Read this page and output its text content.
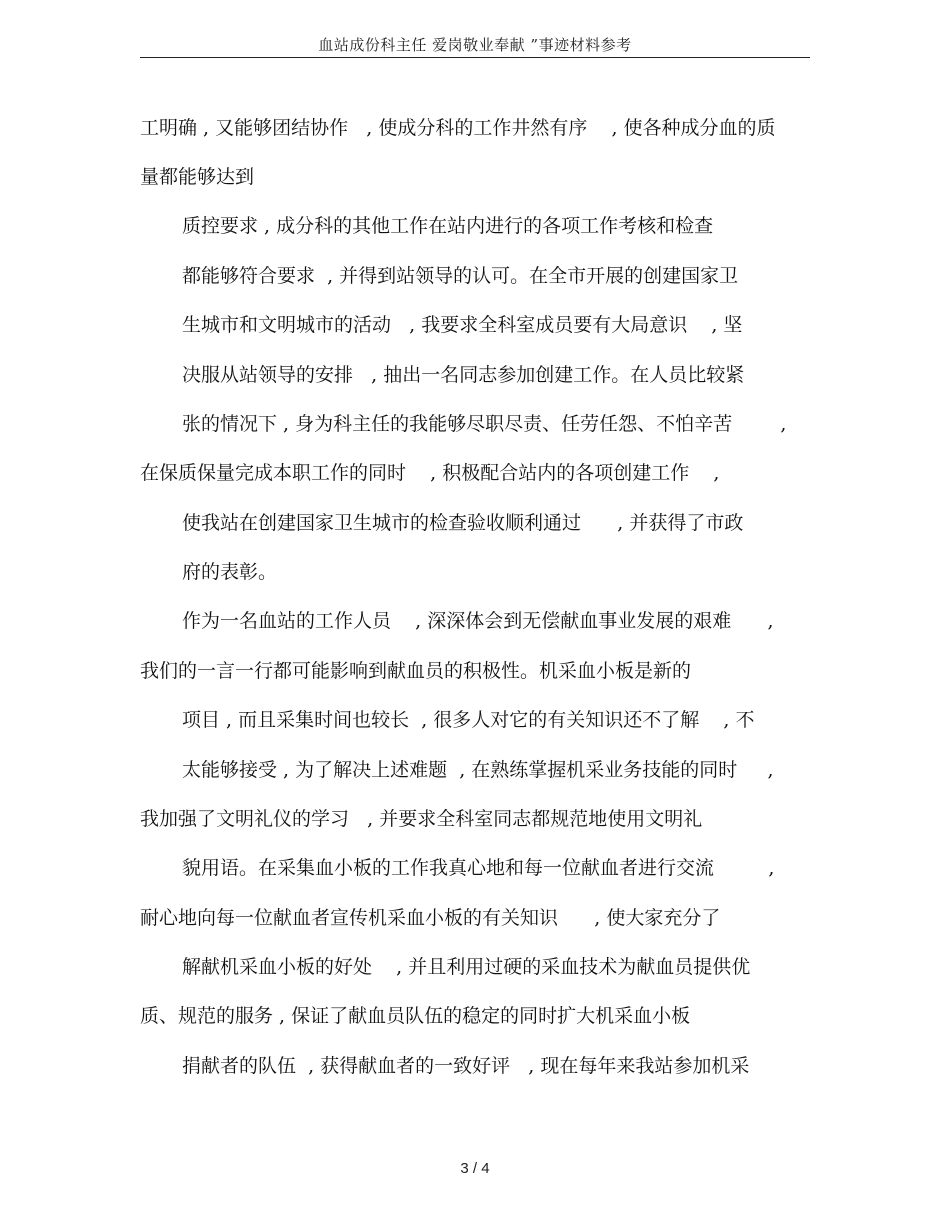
血站成份科主任 爱岗敬业奉献 ”事迹材料参考
工明确 , 又能够团结协作   , 使成分科的工作井然有序    , 使各种成分血的质
量都能够达到
质控要求 , 成分科的其他工作在站内进行的各项工作考核和检查
都能够符合要求  , 并得到站领导的认可。在全市开展的创建国家卫
生城市和文明城市的活动   , 我要求全科室成员要有大局意识    , 坚
决服从站领导的安排   , 抽出一名同志参加创建工作。在人员比较紧
张的情况下 , 身为科主任的我能够尽职尽责、任劳任怨、不怕辛苦        ,
在保质保量完成本职工作的同时    , 积极配合站内的各项创建工作    ,
使我站在创建国家卫生城市的检查验收顺利通过      , 并获得了市政
府的表彰。
作为一名血站的工作人员    , 深深体会到无偿献血事业发展的艰难      ,
我们的一言一行都可能影响到献血员的积极性。机采血小板是新的
项目 , 而且采集时间也较长  , 很多人对它的有关知识还不了解    , 不
太能够接受 , 为了解决上述难题  , 在熟练掌握机采业务技能的同时     ,
我加强了文明礼仪的学习   , 并要求全科室同志都规范地使用文明礼
貌用语。在采集血小板的工作我真心地和每一位献血者进行交流         ,
耐心地向每一位献血者宣传机采血小板的有关知识      , 使大家充分了
解献机采血小板的好处    , 并且利用过硬的采血技术为献血员提供优
质、规范的服务 , 保证了献血员队伍的稳定的同时扩大机采血小板
捐献者的队伍  , 获得献血者的一致好评   , 现在每年来我站参加机采
3 / 4
